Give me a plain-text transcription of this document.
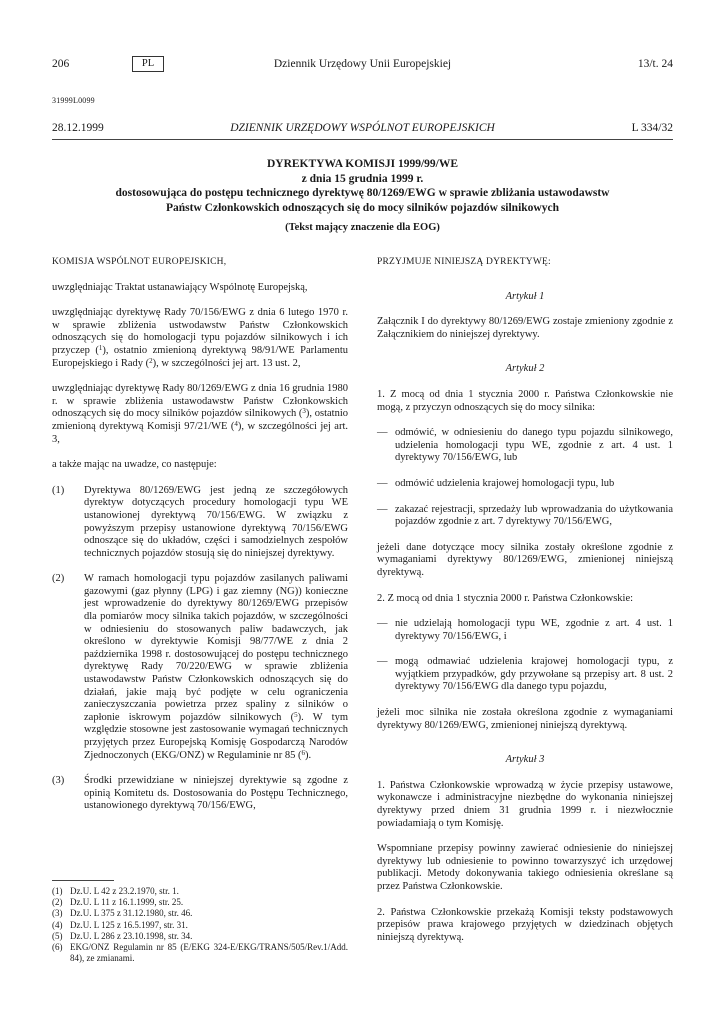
206	PL	Dziennik Urzędowy Unii Europejskiej	13/t. 24
31999L0099
28.12.1999	DZIENNIK URZĘDOWY WSPÓLNOT EUROPEJSKICH	L 334/32
DYREKTYWA KOMISJI 1999/99/WE
z dnia 15 grudnia 1999 r.
dostosowująca do postępu technicznego dyrektywę 80/1269/EWG w sprawie zbliżania ustawodawstw
Państw Członkowskich odnoszących się do mocy silników pojazdów silnikowych
(Tekst mający znaczenie dla EOG)

KOMISJA WSPÓLNOT EUROPEJSKICH,

uwzględniając Traktat ustanawiający Wspólnotę Europejską,

uwzględniając dyrektywę Rady 70/156/EWG z dnia 6 lutego 1970 r. w sprawie zbliżenia ustwodawstw Państw Członkowskich odnoszących się do homologacji typu pojazdów silnikowych i ich przyczep ($^1$), ostatnio zmienioną dyrektywą 98/91/WE Parlamentu Europejskiego i Rady ($^2$), w szczególności jej art. 13 ust. 2,

uwzględniając dyrektywę Rady 80/1269/EWG z dnia 16 grudnia 1980 r. w sprawie zbliżenia ustawodawstw Państw Członkowskich odnoszących się do mocy silników pojazdów silnikowych ($^3$), ostatnio zmienioną dyrektywą Komisji 97/21/WE ($^4$), w szczególności jej art. 3,

a także mając na uwadze, co następuje:

(1)	Dyrektywa 80/1269/EWG jest jedną ze szczegółowych dyrektyw dotyczących procedury homologacji typu WE ustanowionej dyrektywą 70/156/EWG. W związku z powyższym przepisy ustanowione dyrektywą 70/156/EWG odnoszące się do układów, części i samodzielnych zespołów technicznych pojazdów stosują się do niniejszej dyrektywy.
(2)	W ramach homologacji typu pojazdów zasilanych paliwami gazowymi (gaz płynny (LPG) i gaz ziemny (NG)) konieczne jest wprowadzenie do dyrektywy 80/1269/EWG przepisów dla pomiarów mocy silnika takich pojazdów, w szczególności w odniesieniu do stosowanych paliw badawczych, jak określono w dyrektywie Komisji 98/77/WE z dnia 2 października 1998 r. dostosowującej do postępu technicznego dyrektywę Rady 70/220/EWG w sprawie zbliżenia ustawodawstw Państw Członkowskich odnoszących się do działań, jakie mają być podjęte w celu ograniczenia zanieczyszczania powietrza przez spaliny z silników o zapłonie iskrowym pojazdów silnikowych ($^5$). W tym względzie stosowne jest zastosowanie wymagań technicznych przyjętych przez Europejską Komisję Gospodarczą Narodów Zjednoczonych (EKG/ONZ) w Regulaminie nr 85 ($^6$).
(3)	Środki przewidziane w niniejszej dyrektywie są zgodne z opinią Komitetu ds. Dostosowania do Postępu Technicznego, ustanowionego dyrektywą 70/156/EWG,
(1) Dz.U. L 42 z 23.2.1970, str. 1.
(2) Dz.U. L 11 z 16.1.1999, str. 25.
(3) Dz.U. L 375 z 31.12.1980, str. 46.
(4) Dz.U. L 125 z 16.5.1997, str. 31.
(5) Dz.U. L 286 z 23.10.1998, str. 34.
(6) EKG/ONZ Regulamin nr 85 (E/EKG 324-E/EKG/TRANS/505/Rev.1/Add. 84), ze zmianami.

PRZYJMUJE NINIEJSZĄ DYREKTYWĘ:

Artykuł 1

Załącznik I do dyrektywy 80/1269/EWG zostaje zmieniony zgodnie z Załącznikiem do niniejszej dyrektywy.

Artykuł 2

1. Z mocą od dnia 1 stycznia 2000 r. Państwa Członkowskie nie mogą, z przyczyn odnoszących się do mocy silnika:

— odmówić, w odniesieniu do danego typu pojazdu silnikowego, udzielenia homologacji typu WE, zgodnie z art. 4 ust. 1 dyrektywy 70/156/EWG, lub
— odmówić udzielenia krajowej homologacji typu, lub
— zakazać rejestracji, sprzedaży lub wprowadzania do użytkowania pojazdów zgodnie z art. 7 dyrektywy 70/156/EWG,

jeżeli dane dotyczące mocy silnika zostały określone zgodnie z wymaganiami dyrektywy 80/1269/EWG, zmienionej niniejszą dyrektywą.

2. Z mocą od dnia 1 stycznia 2000 r. Państwa Członkowskie:

— nie udzielają homologacji typu WE, zgodnie z art. 4 ust. 1 dyrektywy 70/156/EWG, i
— mogą odmawiać udzielenia krajowej homologacji typu, z wyjątkiem przypadków, gdy przywołane są przepisy art. 8 ust. 2 dyrektywy 70/156/EWG dla danego typu pojazdu,

jeżeli moc silnika nie została określona zgodnie z wymaganiami dyrektywy 80/1269/EWG, zmienionej niniejszą dyrektywą.

Artykuł 3

1. Państwa Członkowskie wprowadzą w życie przepisy ustawowe, wykonawcze i administracyjne niezbędne do wykonania niniejszej dyrektywy przed dniem 31 grudnia 1999 r. i niezwłocznie powiadamiają o tym Komisję.

Wspomniane przepisy powinny zawierać odniesienie do niniejszej dyrektywy lub odniesienie to powinno towarzyszyć ich urzędowej publikacji. Metody dokonywania takiego odniesienia określane są przez Państwa Członkowskie.

2. Państwa Członkowskie przekażą Komisji teksty podstawowych przepisów prawa krajowego przyjętych w dziedzinach objętych niniejszą dyrektywą.
